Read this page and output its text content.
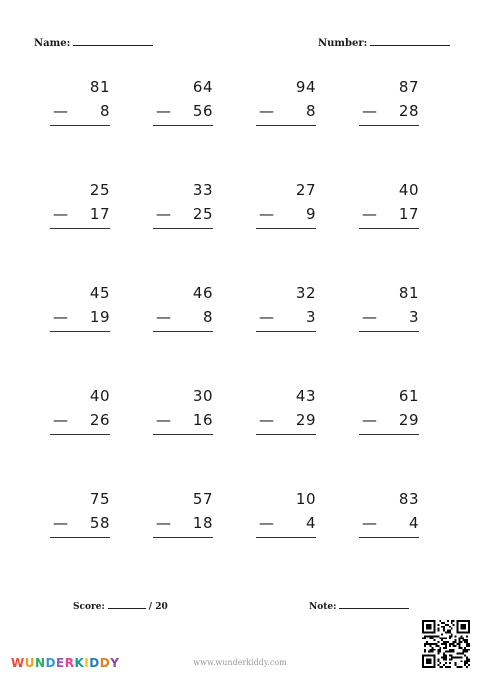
Name:	Number:
81
— 8
64
— 56
94
— 8
87
— 28
25
— 17
33
— 25
27
— 9
40
— 17
45
— 19
46
— 8
32
— 3
81
— 3
40
— 26
30
— 16
43
— 29
61
— 29
75
— 58
57
— 18
10
— 4
83
— 4
Score:	/ 20	Note:
WUNDERKIDDY	www.wunderkiddy.com
